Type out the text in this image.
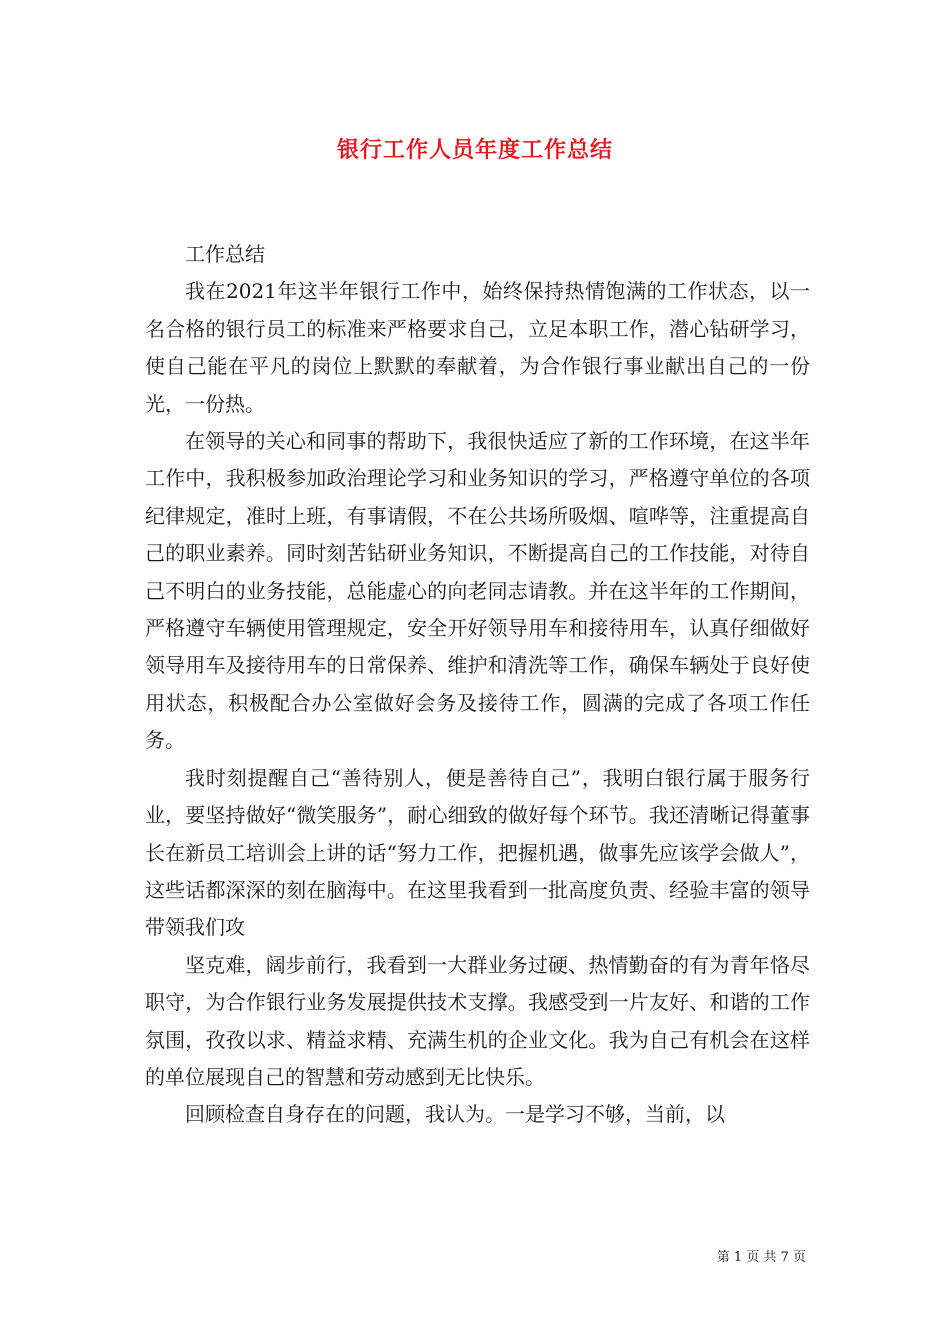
银行工作人员年度工作总结

工作总结

我在2021年这半年银行工作中，始终保持热情饱满的工作状态，以一名合格的银行员工的标准来严格要求自己，立足本职工作，潜心钻研学习，使自己能在平凡的岗位上默默的奉献着，为合作银行事业献出自己的一份光，一份热。

在领导的关心和同事的帮助下，我很快适应了新的工作环境，在这半年工作中，我积极参加政治理论学习和业务知识的学习，严格遵守单位的各项纪律规定，准时上班，有事请假，不在公共场所吸烟、喧哗等，注重提高自己的职业素养。同时刻苦钻研业务知识，不断提高自己的工作技能，对待自己不明白的业务技能，总能虚心的向老同志请教。并在这半年的工作期间，严格遵守车辆使用管理规定，安全开好领导用车和接待用车，认真仔细做好领导用车及接待用车的日常保养、维护和清洗等工作，确保车辆处于良好使用状态，积极配合办公室做好会务及接待工作，圆满的完成了各项工作任务。

我时刻提醒自己“善待别人，便是善待自己”，我明白银行属于服务行业，要坚持做好“微笑服务”，耐心细致的做好每个环节。我还清晰记得董事长在新员工培训会上讲的话“努力工作，把握机遇，做事先应该学会做人”，这些话都深深的刻在脑海中。在这里我看到一批高度负责、经验丰富的领导带领我们攻

坚克难，阔步前行，我看到一大群业务过硬、热情勤奋的有为青年恪尽职守，为合作银行业务发展提供技术支撑。我感受到一片友好、和谐的工作氛围，孜孜以求、精益求精、充满生机的企业文化。我为自己有机会在这样的单位展现自己的智慧和劳动感到无比快乐。

回顾检查自身存在的问题，我认为。一是学习不够，当前，以

第 1 页 共 7 页
